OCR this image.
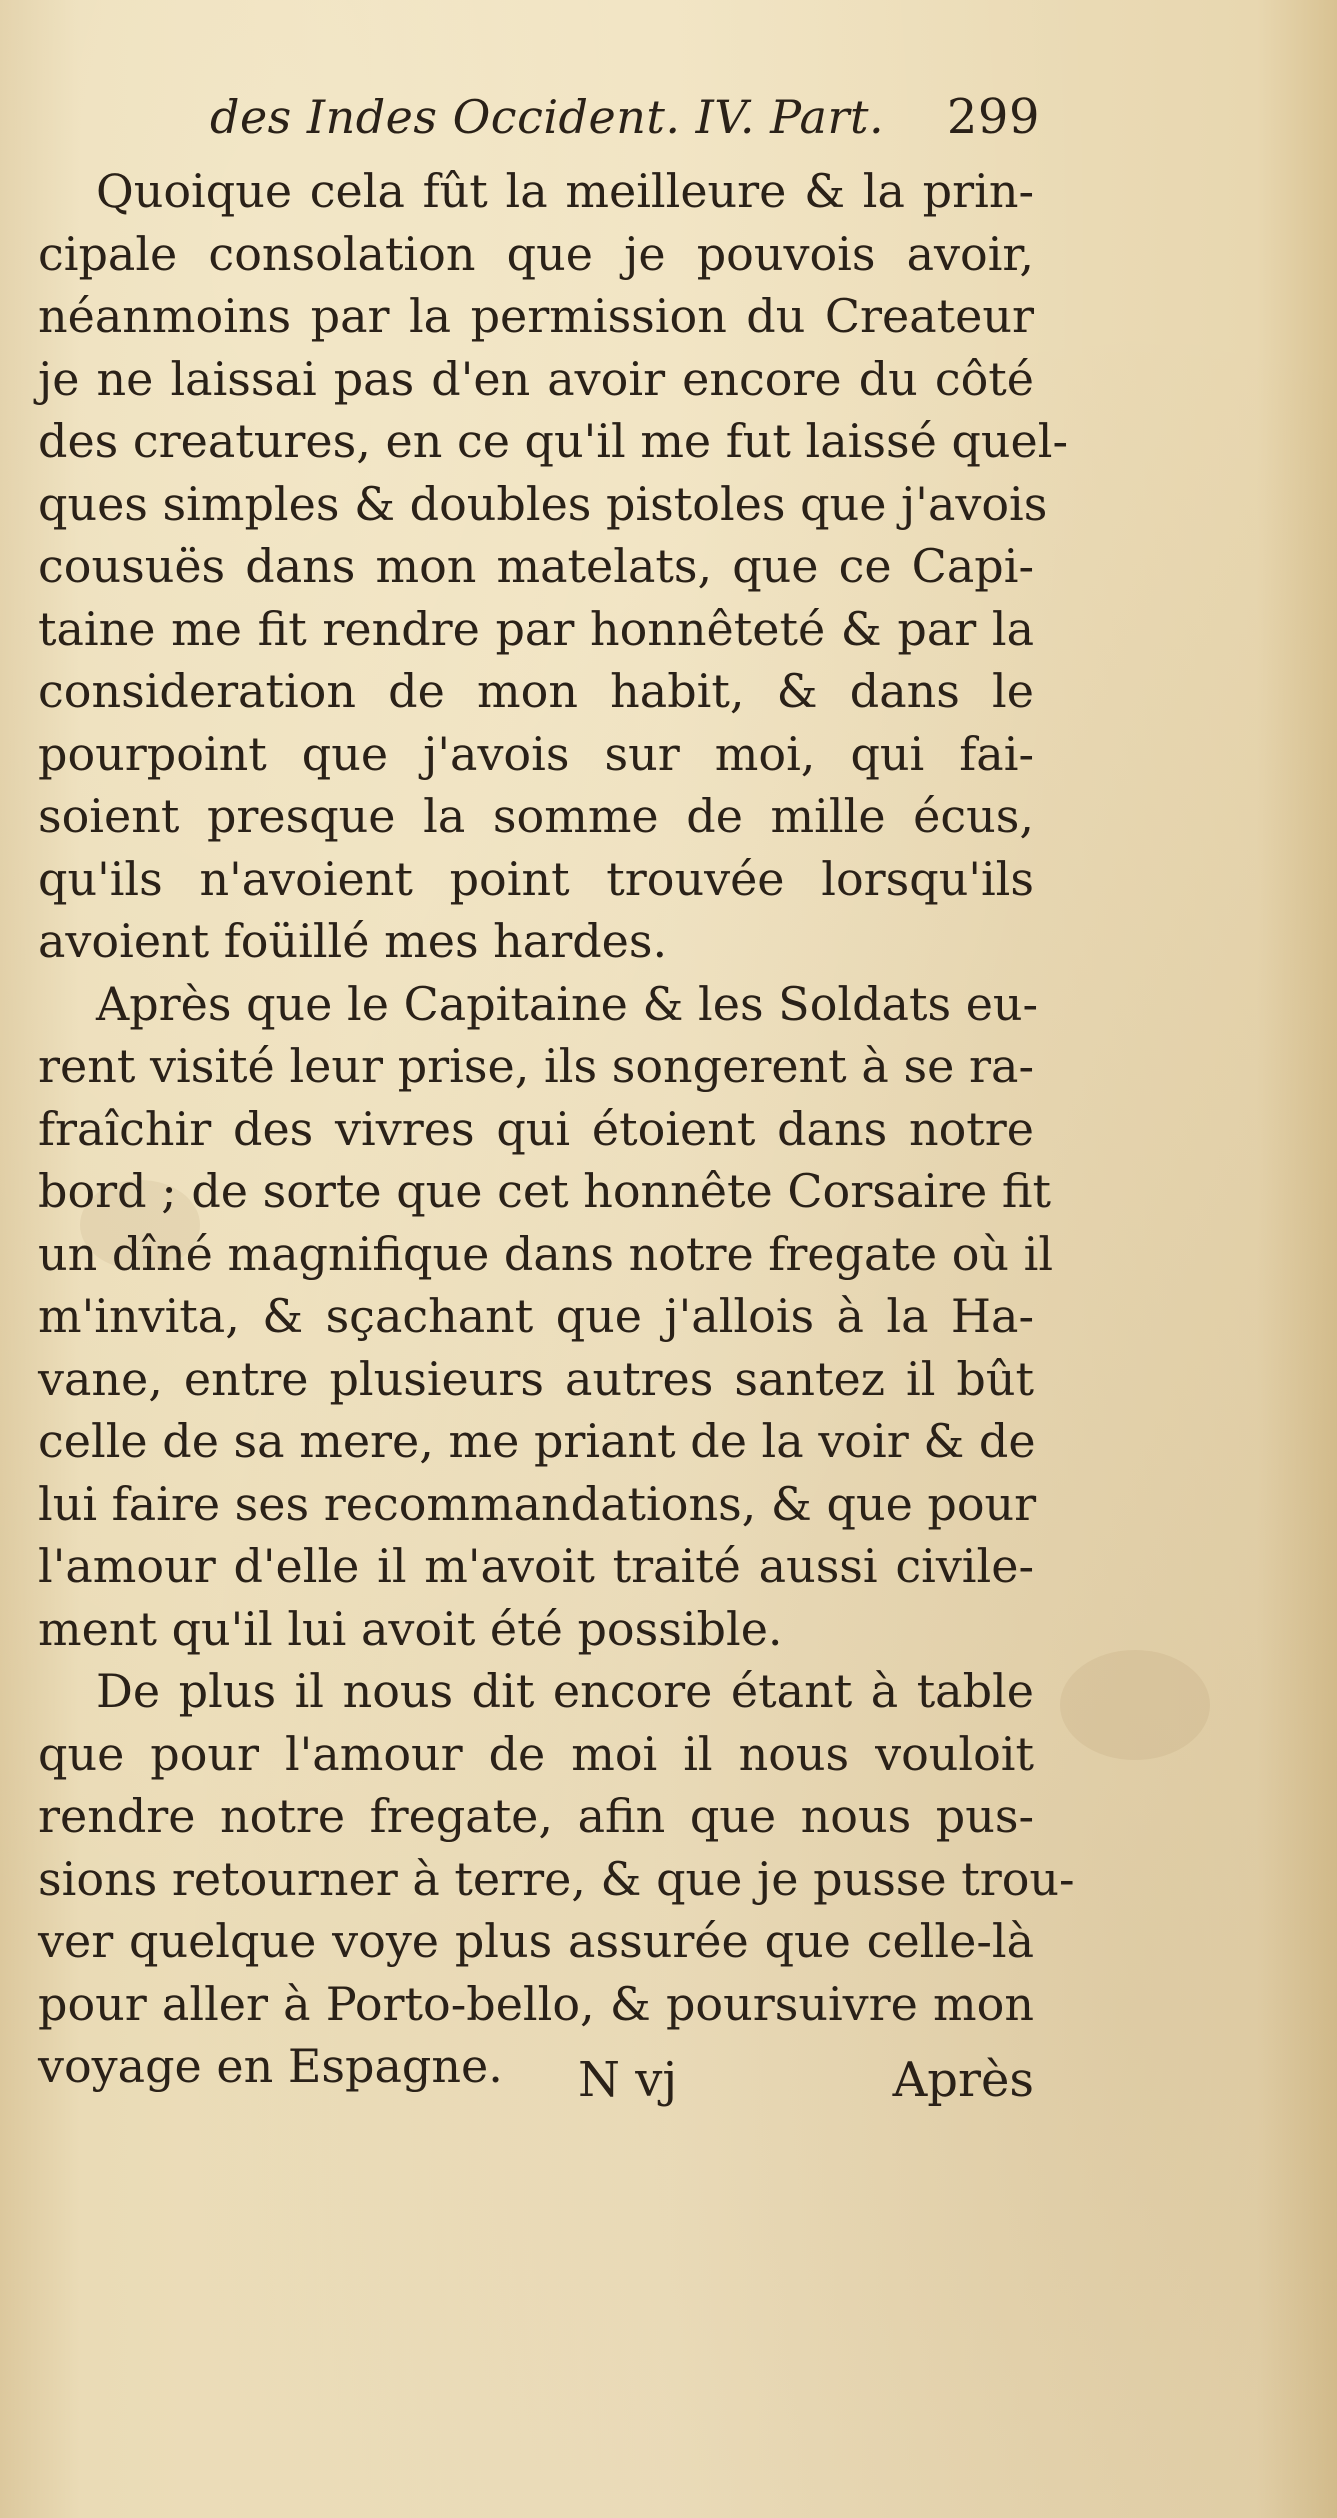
des Indes Occident. IV. Part. 299
Quoique cela fût la meilleure & la prin-
cipale consolation que je pouvois avoir,
néanmoins par la permission du Createur
je ne laissai pas d'en avoir encore du côté
des creatures, en ce qu'il me fut laissé quel-
ques simples & doubles pistoles que j'avois
cousuës dans mon matelats, que ce Capi-
taine me fit rendre par honnêteté & par la
consideration de mon habit, & dans le
pourpoint que j'avois sur moi, qui fai-
soient presque la somme de mille écus,
qu'ils n'avoient point trouvée lorsqu'ils
avoient foüillé mes hardes.
Après que le Capitaine & les Soldats eu-
rent visité leur prise, ils songerent à se ra-
fraîchir des vivres qui étoient dans notre
bord ; de sorte que cet honnête Corsaire fit
un dîné magnifique dans notre fregate où il
m'invita, & sçachant que j'allois à la Ha-
vane, entre plusieurs autres santez il bût
celle de sa mere, me priant de la voir & de
lui faire ses recommandations, & que pour
l'amour d'elle il m'avoit traité aussi civile-
ment qu'il lui avoit été possible.
De plus il nous dit encore étant à table
que pour l'amour de moi il nous vouloit
rendre notre fregate, afin que nous pus-
sions retourner à terre, & que je pusse trou-
ver quelque voye plus assurée que celle-là
pour aller à Porto-bello, & poursuivre mon
voyage en Espagne.	N vj	Après
